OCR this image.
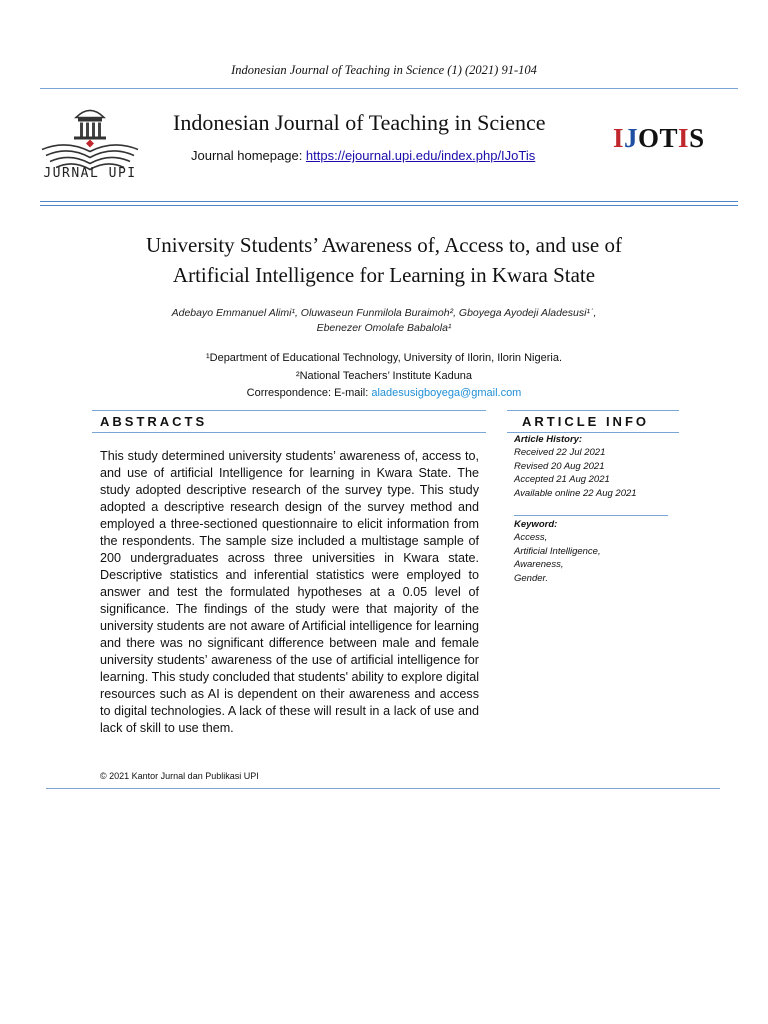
Indonesian Journal of Teaching in Science (1) (2021) 91-104
JURNAL UPI
Indonesian Journal of Teaching in Science
Journal homepage: https://ejournal.upi.edu/index.php/IJoTis
IJOTIS
University Students’ Awareness of, Access to, and use of
Artificial Intelligence for Learning in Kwara State
Adebayo Emmanuel Alimi¹, Oluwaseun Funmilola Buraimoh², Gboyega Ayodeji Aladesusi¹˙,
Ebenezer Omolafe Babalola¹
¹Department of Educational Technology, University of Ilorin, Ilorin Nigeria.
²National Teachers’ Institute Kaduna
Correspondence: E-mail: aladesusigboyega@gmail.com
ABSTRACTS	ARTICLE INFO
This study determined university students’ awareness of, access to, and use of artificial Intelligence for learning in Kwara State. The study adopted descriptive research of the survey type. This study adopted a descriptive research design of the survey method and employed a three-sectioned questionnaire to elicit information from the respondents. The sample size included a multistage sample of 200 undergraduates across three universities in Kwara state. Descriptive statistics and inferential statistics were employed to answer and test the formulated hypotheses at a 0.05 level of significance. The findings of the study were that majority of the university students are not aware of Artificial intelligence for learning and there was no significant difference between male and female university students’ awareness of the use of artificial intelligence for learning. This study concluded that students' ability to explore digital resources such as AI is dependent on their awareness and access to digital technologies. A lack of these will result in a lack of use and lack of skill to use them.
Article History:
Received 22 Jul 2021
Revised 20 Aug 2021
Accepted 21 Aug 2021
Available online 22 Aug 2021
Keyword:
Access,
Artificial Intelligence,
Awareness,
Gender.
© 2021 Kantor Jurnal dan Publikasi UPI
